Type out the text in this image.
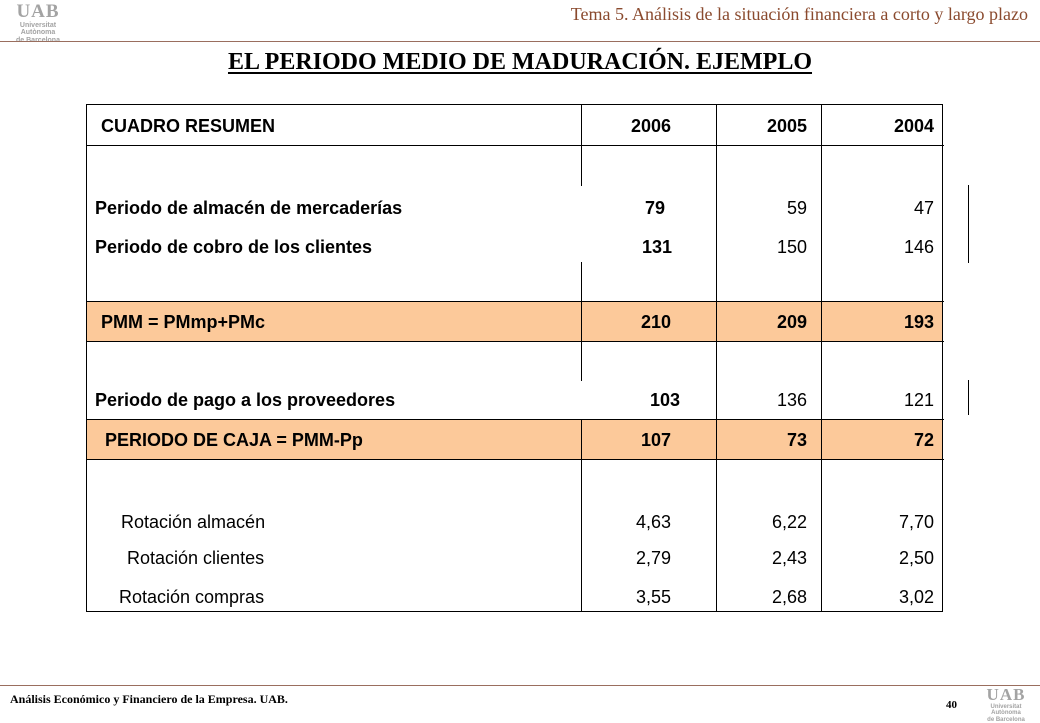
UAB
Universitat Autònoma
Tema 5. Análisis de la situación financiera a corto y largo plazo
EL PERIODO MEDIO DE MADURACIÓN. EJEMPLO
CUADRO RESUMEN	2006	2005	2004
Periodo de almacén de mercaderías	79	59	47
Periodo de cobro de los clientes	131	150	146
PMM = PMmp+PMc	210	209	193
Periodo de pago a los proveedores	103	136	121
PERIODO DE CAJA = PMM-Pp	107	73	72
Rotación almacén	4,63	6,22	7,70
Rotación clientes	2,79	2,43	2,50
Rotación compras	3,55	2,68	3,02
Análisis Económico y Financiero de la Empresa. UAB.	40
UAB
Universitat Autònoma
de Barcelona
